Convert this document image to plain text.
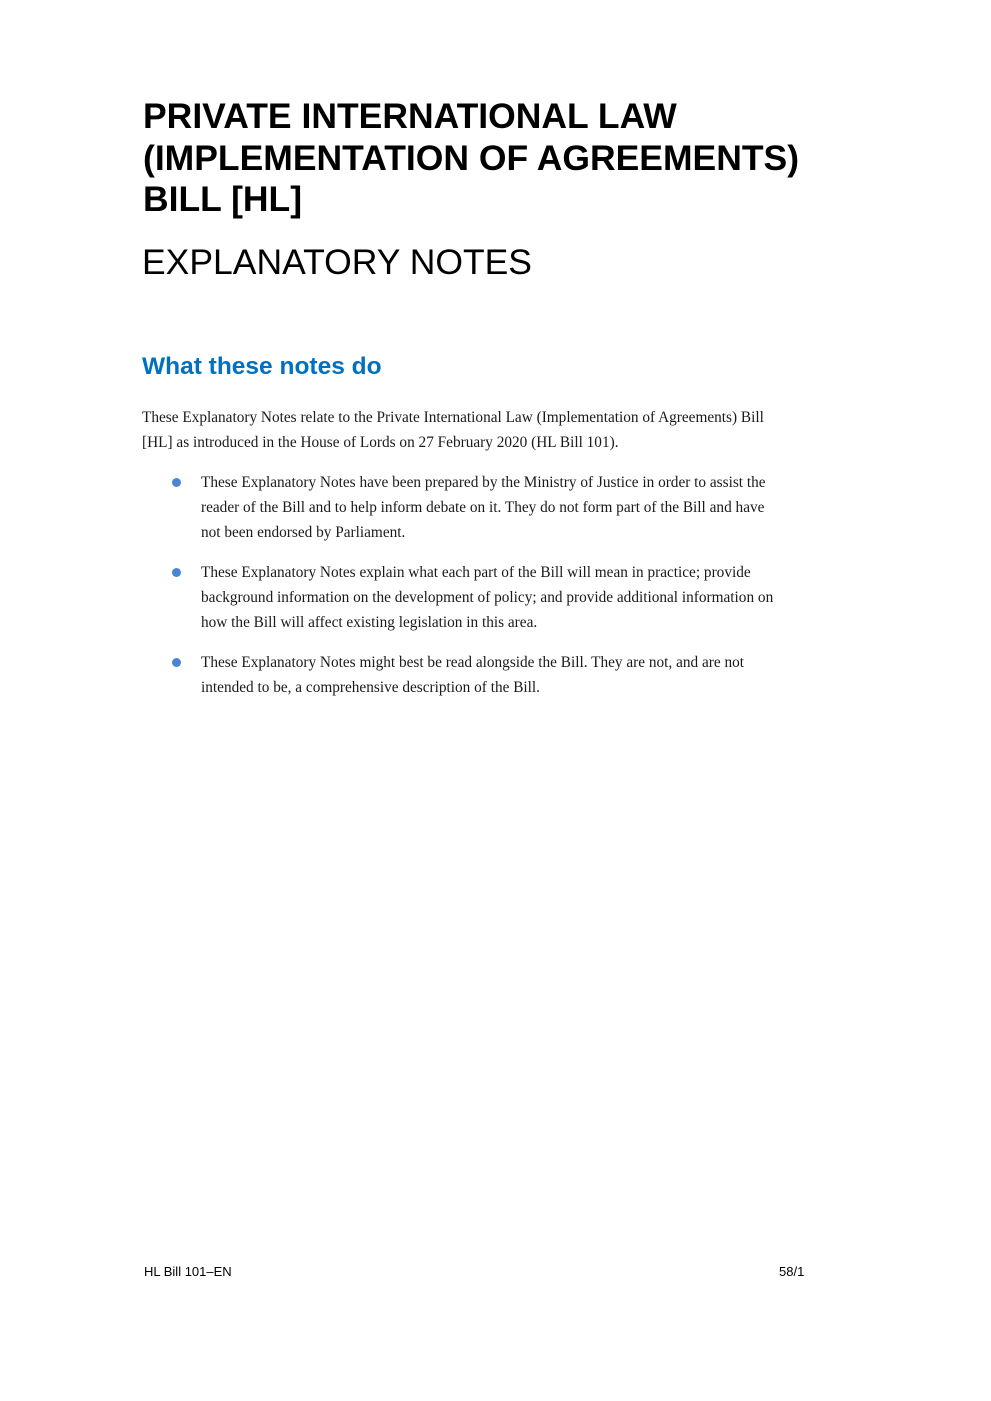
PRIVATE INTERNATIONAL LAW
(IMPLEMENTATION OF AGREEMENTS)
BILL [HL]
EXPLANATORY NOTES
What these notes do

These Explanatory Notes relate to the Private International Law (Implementation of Agreements) Bill
[HL] as introduced in the House of Lords on 27 February 2020 (HL Bill 101).

These Explanatory Notes have been prepared by the Ministry of Justice in order to assist the
reader of the Bill and to help inform debate on it. They do not form part of the Bill and have
not been endorsed by Parliament.
These Explanatory Notes explain what each part of the Bill will mean in practice; provide
background information on the development of policy; and provide additional information on
how the Bill will affect existing legislation in this area.
These Explanatory Notes might best be read alongside the Bill. They are not, and are not
intended to be, a comprehensive description of the Bill.
HL Bill 101–EN	58/1
